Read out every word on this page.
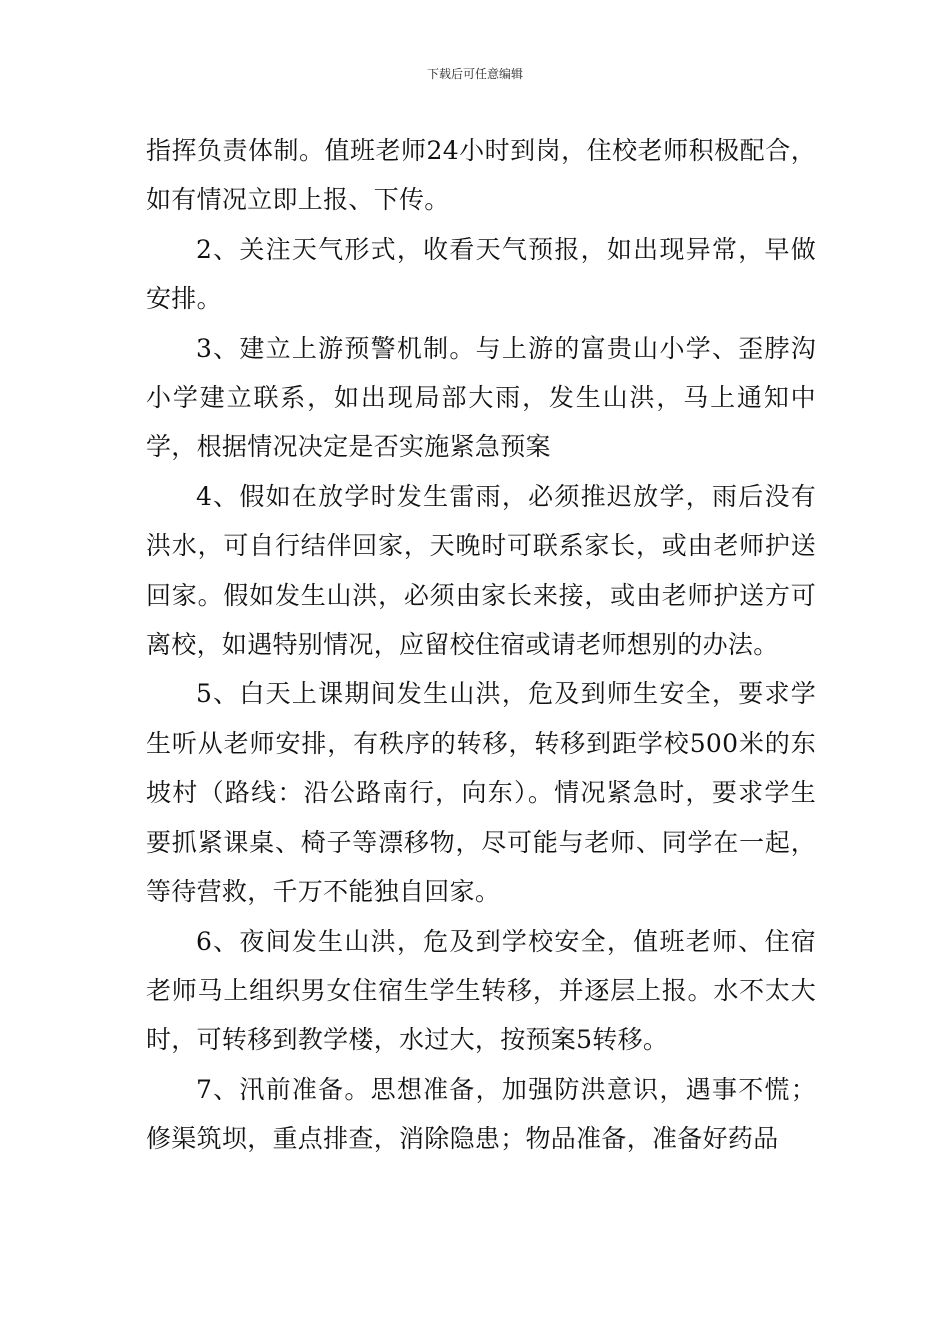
下载后可任意编辑

指挥负责体制。值班老师24小时到岗，住校老师积极配合，如有情况立即上报、下传。

2、关注天气形式，收看天气预报，如出现异常，早做安排。

3、建立上游预警机制。与上游的富贵山小学、歪脖沟小学建立联系，如出现局部大雨，发生山洪，马上通知中学，根据情况决定是否实施紧急预案

4、假如在放学时发生雷雨，必须推迟放学，雨后没有洪水，可自行结伴回家，天晚时可联系家长，或由老师护送回家。假如发生山洪，必须由家长来接，或由老师护送方可离校，如遇特别情况，应留校住宿或请老师想别的办法。

5、白天上课期间发生山洪，危及到师生安全，要求学生听从老师安排，有秩序的转移，转移到距学校500米的东坡村（路线：沿公路南行，向东）。情况紧急时，要求学生要抓紧课桌、椅子等漂移物，尽可能与老师、同学在一起，等待营救，千万不能独自回家。

6、夜间发生山洪，危及到学校安全，值班老师、住宿老师马上组织男女住宿生学生转移，并逐层上报。水不太大时，可转移到教学楼，水过大，按预案5转移。

7、汛前准备。思想准备，加强防洪意识，遇事不慌；修渠筑坝，重点排查，消除隐患；物品准备，准备好药品
